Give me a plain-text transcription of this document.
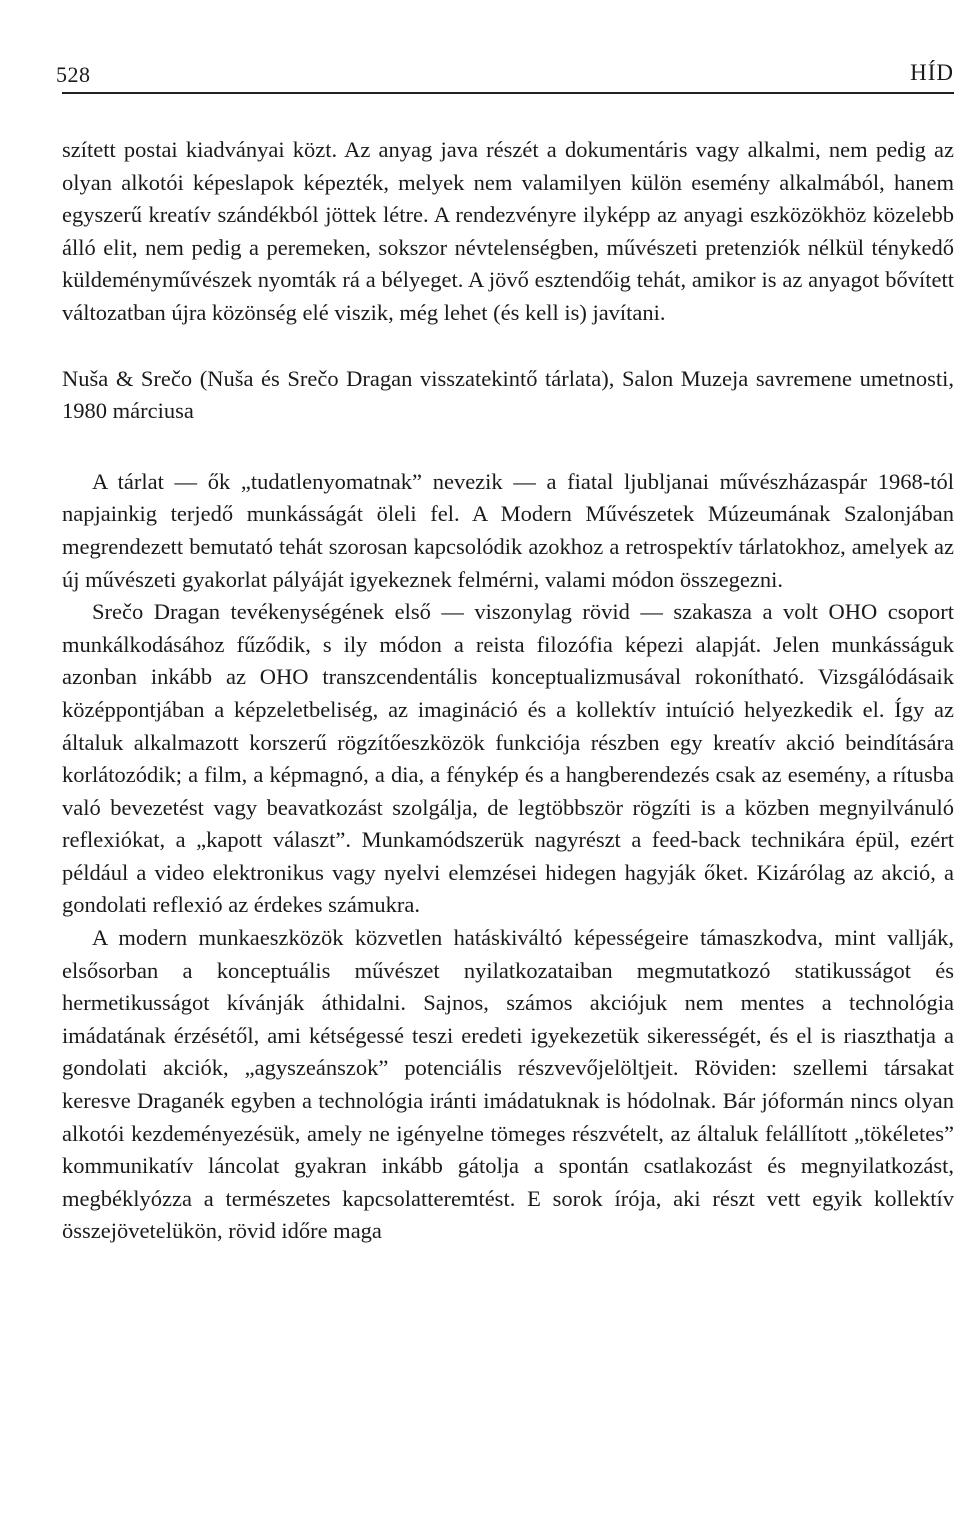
528	HÍD

szített postai kiadványai közt. Az anyag java részét a dokumentáris vagy alkalmi, nem pedig az olyan alkotói képeslapok képezték, melyek nem valamilyen külön esemény alkalmából, hanem egyszerű kreatív szándékból jöttek létre. A rendezvényre ilyképp az anyagi eszközökhöz közelebb álló elit, nem pedig a peremeken, sokszor névtelenségben, művészeti pretenziók nélkül ténykedő küldeményművészek nyomták rá a bélyeget. A jövő esztendőig tehát, amikor is az anyagot bővített változatban újra közönség elé viszik, még lehet (és kell is) javítani.

Nuša & Srečo (Nuša és Srečo Dragan visszatekintő tárlata), Salon Muzeja savremene umetnosti, 1980 márciusa

A tárlat — ők „tudatlenyomatnak” nevezik — a fiatal ljubljanai művészházaspár 1968-tól napjainkig terjedő munkásságát öleli fel. A Modern Művészetek Múzeumának Szalonjában megrendezett bemutató tehát szorosan kapcsolódik azokhoz a retrospektív tárlatokhoz, amelyek az új művészeti gyakorlat pályáját igyekeznek felmérni, valami módon összegezni.

Srečo Dragan tevékenységének első — viszonylag rövid — szakasza a volt OHO csoport munkálkodásához fűződik, s ily módon a reista filozófia képezi alapját. Jelen munkásságuk azonban inkább az OHO transzcendentális konceptualizmusával rokonítható. Vizsgálódásaik középpontjában a képzeletbeliség, az imagináció és a kollektív intuíció helyezkedik el. Így az általuk alkalmazott korszerű rögzítőeszközök funkciója részben egy kreatív akció beindítására korlátozódik; a film, a képmagnó, a dia, a fénykép és a hangberendezés csak az esemény, a rítusba való bevezetést vagy beavatkozást szolgálja, de legtöbbször rögzíti is a közben megnyilvánuló reflexiókat, a „kapott választ”. Munkamódszerük nagyrészt a feed-back technikára épül, ezért például a video elektronikus vagy nyelvi elemzései hidegen hagyják őket. Kizárólag az akció, a gondolati reflexió az érdekes számukra.

A modern munkaeszközök közvetlen hatáskiváltó képességeire támaszkodva, mint vallják, elsősorban a konceptuális művészet nyilatkozataiban megmutatkozó statikusságot és hermetikusságot kívánják áthidalni. Sajnos, számos akciójuk nem mentes a technológia imádatának érzésétől, ami kétségessé teszi eredeti igyekezetük sikerességét, és el is riaszthatja a gondolati akciók, „agyszeánszok” potenciális részvevőjelöltjeit. Röviden: szellemi társakat keresve Draganék egyben a technológia iránti imádatuknak is hódolnak. Bár jóformán nincs olyan alkotói kezdeményezésük, amely ne igényelne tömeges részvételt, az általuk felállított „tökéletes” kommunikatív láncolat gyakran inkább gátolja a spontán csatlakozást és megnyilatkozást, megbéklyózza a természetes kapcsolatteremtést. E sorok írója, aki részt vett egyik kollektív összejövetelükön, rövid időre maga
